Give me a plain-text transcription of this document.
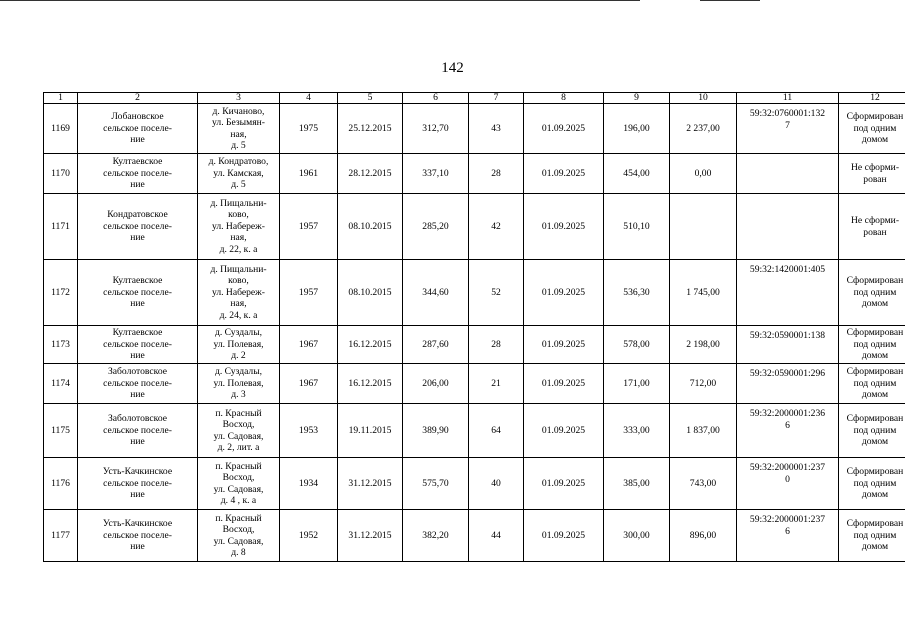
142
1	2	3	4	5	6	7	8	9	10	11	12
1169	Лобановское
сельское поселе-
ние	д. Кичаново,
ул. Безымян-
ная,
д. 5	1975	25.12.2015	312,70	43	01.09.2025	196,00	2 237,00	59:32:0760001:132
7	Сформирован
под одним
домом
1170	Култаевское
сельское поселе-
ние	д. Кондратово,
ул. Камская,
д. 5	1961	28.12.2015	337,10	28	01.09.2025	454,00	0,00		Не сформи-
рован
1171	Кондратовское
сельское поселе-
ние	д. Пищальни-
ково,
ул. Набереж-
ная,
д. 22, к. а	1957	08.10.2015	285,20	42	01.09.2025	510,10			Не сформи-
рован
1172	Култаевское
сельское поселе-
ние	д. Пищальни-
ково,
ул. Набереж-
ная,
д. 24, к. а	1957	08.10.2015	344,60	52	01.09.2025	536,30	1 745,00	59:32:1420001:405	Сформирован
под одним
домом
1173	Култаевское
сельское поселе-
ние	д. Суздалы,
ул. Полевая,
д. 2	1967	16.12.2015	287,60	28	01.09.2025	578,00	2 198,00	59:32:0590001:138	Сформирован
под одним
домом
1174	Заболотовское
сельское поселе-
ние	д. Суздалы,
ул. Полевая,
д. 3	1967	16.12.2015	206,00	21	01.09.2025	171,00	712,00	59:32:0590001:296	Сформирован
под одним
домом
1175	Заболотовское
сельское поселе-
ние	п. Красный
Восход,
ул. Садовая,
д. 2, лит. а	1953	19.11.2015	389,90	64	01.09.2025	333,00	1 837,00	59:32:2000001:236
6	Сформирован
под одним
домом
1176	Усть-Качкинское
сельское поселе-
ние	п. Красный
Восход,
ул. Садовая,
д. 4 , к. а	1934	31.12.2015	575,70	40	01.09.2025	385,00	743,00	59:32:2000001:237
0	Сформирован
под одним
домом
1177	Усть-Качкинское
сельское поселе-
ние	п. Красный
Восход,
ул. Садовая,
д. 8	1952	31.12.2015	382,20	44	01.09.2025	300,00	896,00	59:32:2000001:237
6	Сформирован
под одним
домом
